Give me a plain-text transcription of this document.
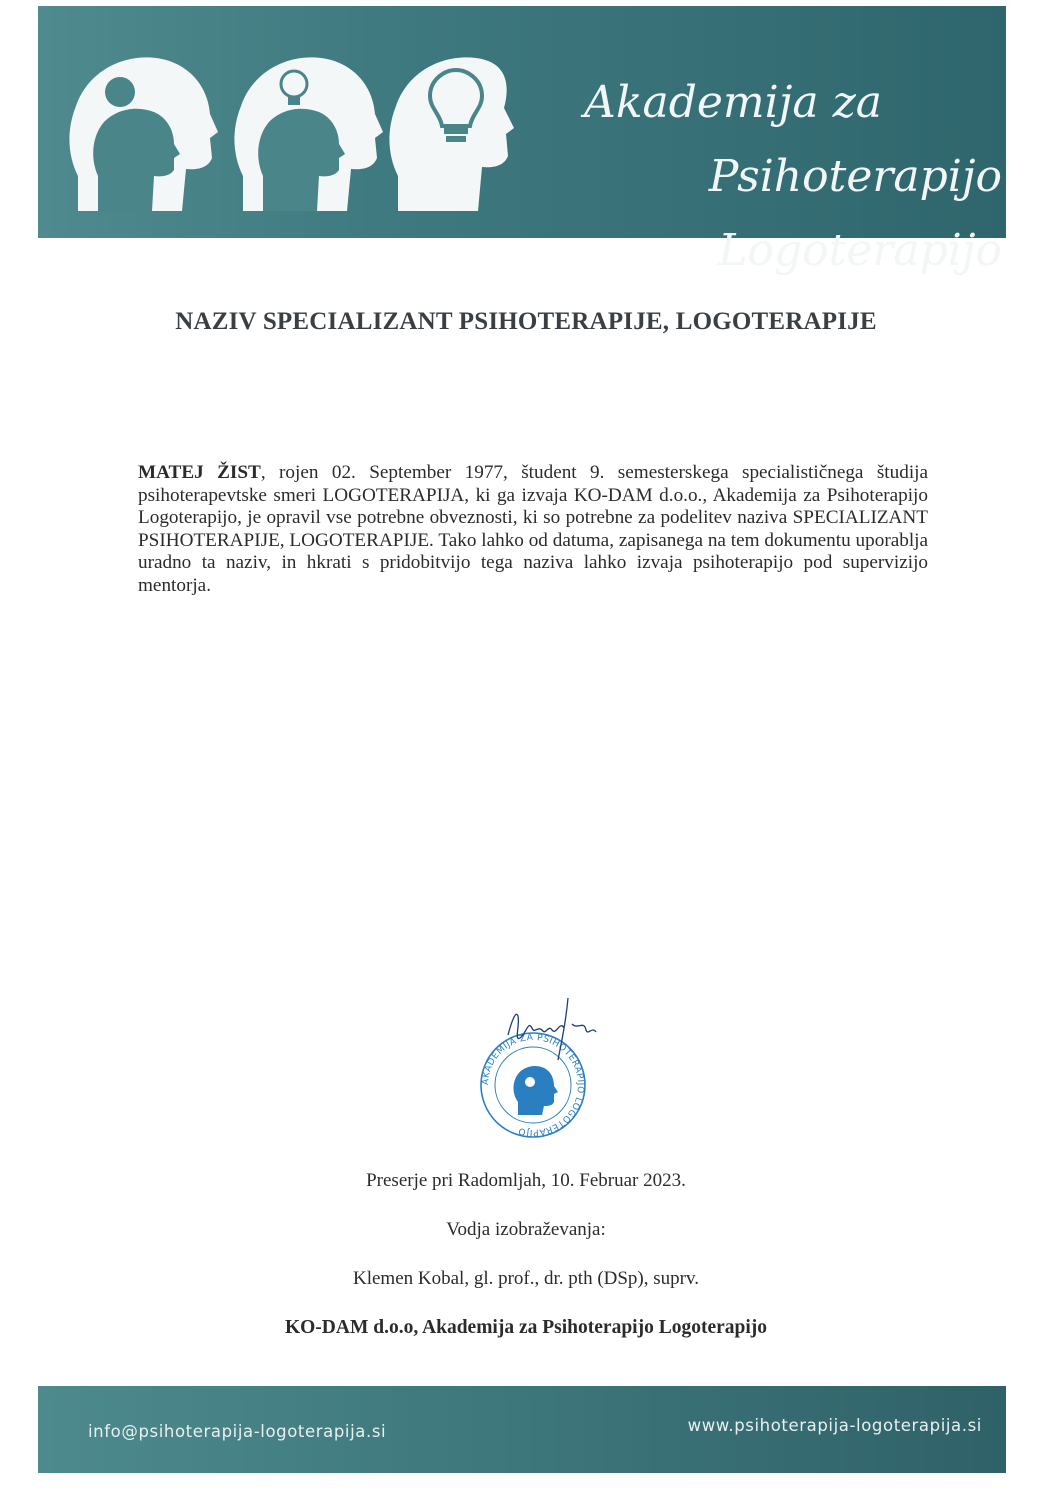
Akademija za
Psihoterapijo Logoterapijo
NAZIV SPECIALIZANT PSIHOTERAPIJE, LOGOTERAPIJE

MATEJ ŽIST, rojen 02. September 1977, študent 9. semesterskega specialističnega študija psihoterapevtske smeri LOGOTERAPIJA, ki ga izvaja KO-DAM d.o.o., Akademija za Psihoterapijo Logoterapijo, je opravil vse potrebne obveznosti, ki so potrebne za podelitev naziva SPECIALIZANT PSIHOTERAPIJE, LOGOTERAPIJE. Tako lahko od datuma, zapisanega na tem dokumentu uporablja uradno ta naziv, in hkrati s pridobitvijo tega naziva lahko izvaja psihoterapijo pod supervizijo mentorja.

AKADEMIJA ZA PSIHOTERAPIJO LOGOTERAPIJO
Preserje pri Radomljah, 10. Februar 2023.
Vodja izobraževanja:
Klemen Kobal, gl. prof., dr. pth (DSp), suprv.
KO-DAM d.o.o, Akademija za Psihoterapijo Logoterapijo
info@psihoterapija-logoterapija.si	www.psihoterapija-logoterapija.si
